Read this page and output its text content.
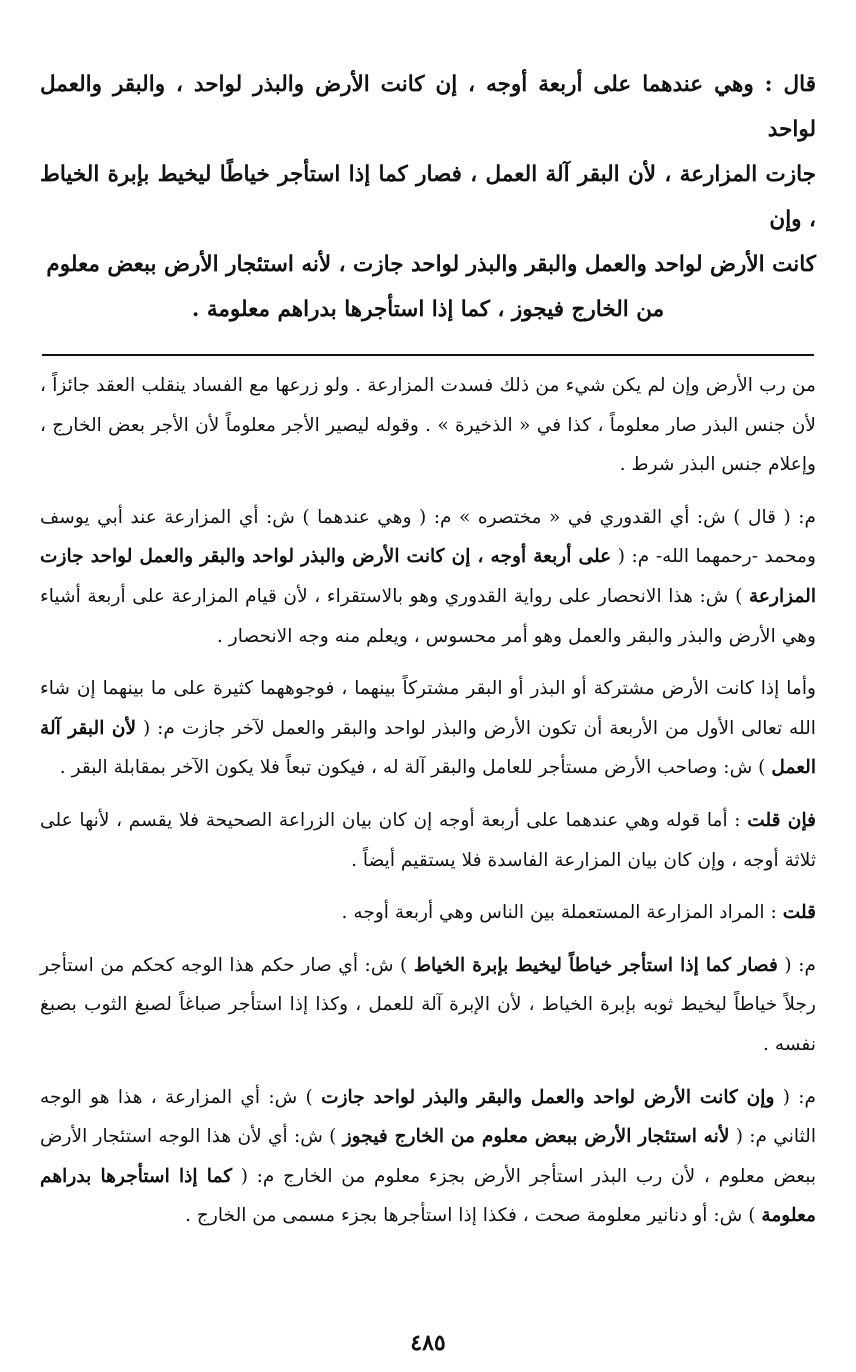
قال : وهي عندهما على أربعة أوجه ، إن كانت الأرض والبذر لواحد ، والبقر والعمل لواحد
جازت المزارعة ، لأن البقر آلة العمل ، فصار كما إذا استأجر خياطًا ليخيط بإبرة الخياط ، وإن
كانت الأرض لواحد والعمل والبقر والبذر لواحد جازت ، لأنه استئجار الأرض ببعض معلوم
من الخارج فيجوز ، كما إذا استأجرها بدراهم معلومة .

من رب الأرض وإن لم يكن شيء من ذلك فسدت المزارعة . ولو زرعها مع الفساد ينقلب العقد جائزاً ، لأن جنس البذر صار معلوماً ، كذا في « الذخيرة » . وقوله ليصير الأجر معلوماً لأن الأجر بعض الخارج ، وإعلام جنس البذر شرط .

م: ( قال ) ش: أي القدوري في « مختصره » م: ( وهي عندهما ) ش: أي المزارعة عند أبي يوسف ومحمد -رحمهما الله- م: ( على أربعة أوجه ، إن كانت الأرض والبذر لواحد والبقر والعمل لواحد جازت المزارعة ) ش: هذا الانحصار على رواية القدوري وهو بالاستقراء ، لأن قيام المزارعة على أربعة أشياء وهي الأرض والبذر والبقر والعمل وهو أمر محسوس ، ويعلم منه وجه الانحصار .

وأما إذا كانت الأرض مشتركة أو البذر أو البقر مشتركاً بينهما ، فوجوههما كثيرة على ما بينهما إن شاء الله تعالى الأول من الأربعة أن تكون الأرض والبذر لواحد والبقر والعمل لآخر جازت م: ( لأن البقر آلة العمل ) ش: وصاحب الأرض مستأجر للعامل والبقر آلة له ، فيكون تبعاً فلا يكون الآخر بمقابلة البقر .

فإن قلت : أما قوله وهي عندهما على أربعة أوجه إن كان بيان الزراعة الصحيحة فلا يقسم ، لأنها على ثلاثة أوجه ، وإن كان بيان المزارعة الفاسدة فلا يستقيم أيضاً .

قلت : المراد المزارعة المستعملة بين الناس وهي أربعة أوجه .

م: ( فصار كما إذا استأجر خياطاً ليخيط بإبرة الخياط ) ش: أي صار حكم هذا الوجه كحكم من استأجر رجلاً خياطاً ليخيط ثوبه بإبرة الخياط ، لأن الإبرة آلة للعمل ، وكذا إذا استأجر صباغاً لصبغ الثوب بصبغ نفسه .

م: ( وإن كانت الأرض لواحد والعمل والبقر والبذر لواحد جازت ) ش: أي المزارعة ، هذا هو الوجه الثاني م: ( لأنه استئجار الأرض ببعض معلوم من الخارج فيجوز ) ش: أي لأن هذا الوجه استئجار الأرض ببعض معلوم ، لأن رب البذر استأجر الأرض بجزء معلوم من الخارج م: ( كما إذا استأجرها بدراهم معلومة ) ش: أو دنانير معلومة صحت ، فكذا إذا استأجرها بجزء مسمى من الخارج .

٤٨٥
